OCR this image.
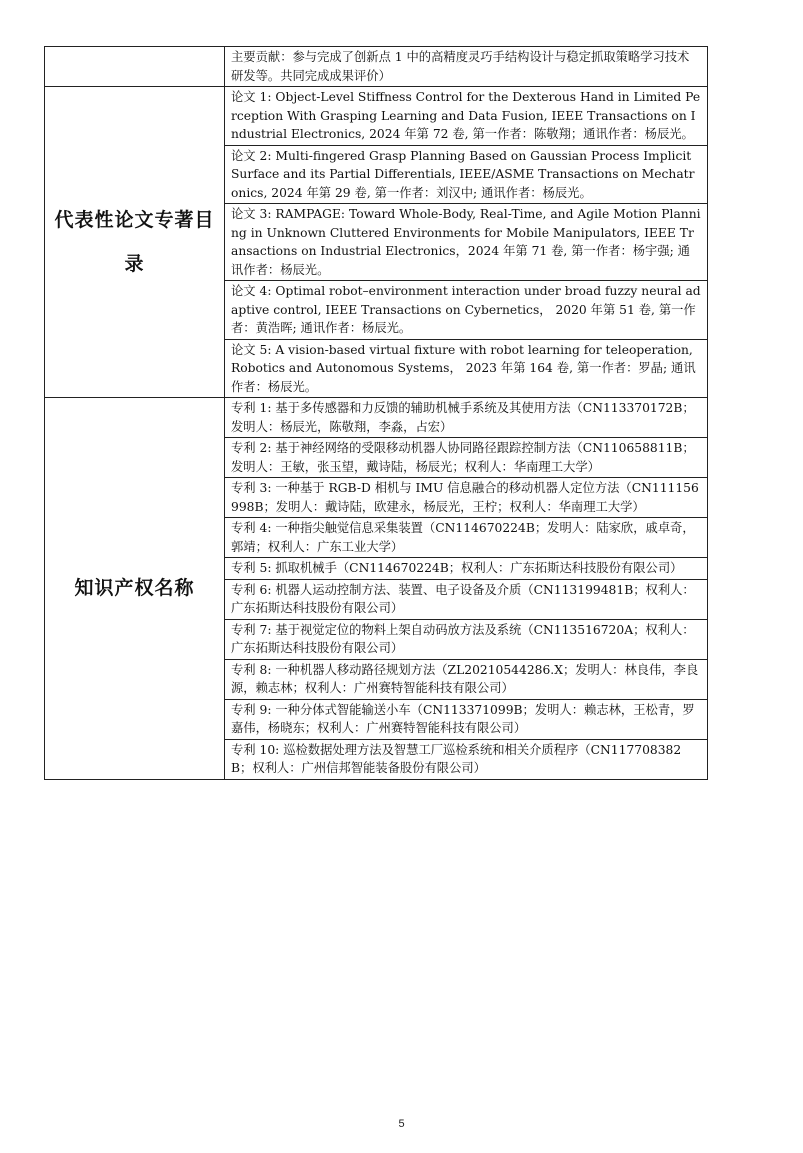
	主要贡献：参与完成了创新点 1 中的高精度灵巧手结构设计与稳定抓取策略学习技术研发等。共同完成成果评价）

代表性论文专著目录	论文 1: Object-Level Stiffness Control for the Dexterous Hand in Limited Perception With Grasping Learning and Data Fusion, IEEE Transactions on Industrial Electronics, 2024 年第 72 卷, 第一作者：陈敬翔；通讯作者：杨辰光。

	论文 2: Multi-fingered Grasp Planning Based on Gaussian Process Implicit Surface and its Partial Differentials, IEEE/ASME Transactions on Mechatronics, 2024 年第 29 卷, 第一作者：刘汉中; 通讯作者：杨辰光。

	论文 3: RAMPAGE: Toward Whole-Body, Real-Time, and Agile Motion Planning in Unknown Cluttered Environments for Mobile Manipulators, IEEE Transactions on Industrial Electronics，2024 年第 71 卷, 第一作者：杨宇强; 通讯作者：杨辰光。

	论文 4: Optimal robot–environment interaction under broad fuzzy neural adaptive control, IEEE Transactions on Cybernetics， 2020 年第 51 卷, 第一作者：黄浩晖; 通讯作者：杨辰光。

	论文 5: A vision-based virtual fixture with robot learning for teleoperation, Robotics and Autonomous Systems， 2023 年第 164 卷, 第一作者：罗晶; 通讯作者：杨辰光。

知识产权名称	专利 1: 基于多传感器和力反馈的辅助机械手系统及其使用方法（CN113370172B；发明人：杨辰光，陈敬翔，李淼，占宏）

	专利 2: 基于神经网络的受限移动机器人协同路径跟踪控制方法（CN110658811B；发明人：王敏，张玉望，戴诗陆，杨辰光；权利人：华南理工大学）

	专利 3: 一种基于 RGB-D 相机与 IMU 信息融合的移动机器人定位方法（CN111156998B；发明人：戴诗陆，欧建永，杨辰光，王柠；权利人：华南理工大学）

	专利 4: 一种指尖触觉信息采集装置（CN114670224B；发明人：陆家欣，戚卓奇，郭靖；权利人：广东工业大学）

	专利 5: 抓取机械手（CN114670224B；权利人：广东拓斯达科技股份有限公司）

	专利 6: 机器人运动控制方法、装置、电子设备及介质（CN113199481B；权利人：广东拓斯达科技股份有限公司）

	专利 7: 基于视觉定位的物料上架自动码放方法及系统（CN113516720A；权利人：广东拓斯达科技股份有限公司）

	专利 8: 一种机器人移动路径规划方法（ZL20210544286.X；发明人：林良伟，李良源，赖志林；权利人：广州赛特智能科技有限公司）

	专利 9: 一种分体式智能输送小车（CN113371099B；发明人：赖志林，王松青，罗嘉伟，杨晓东；权利人：广州赛特智能科技有限公司）

	专利 10: 巡检数据处理方法及智慧工厂巡检系统和相关介质程序（CN117708382B；权利人：广州信邦智能装备股份有限公司）
5
